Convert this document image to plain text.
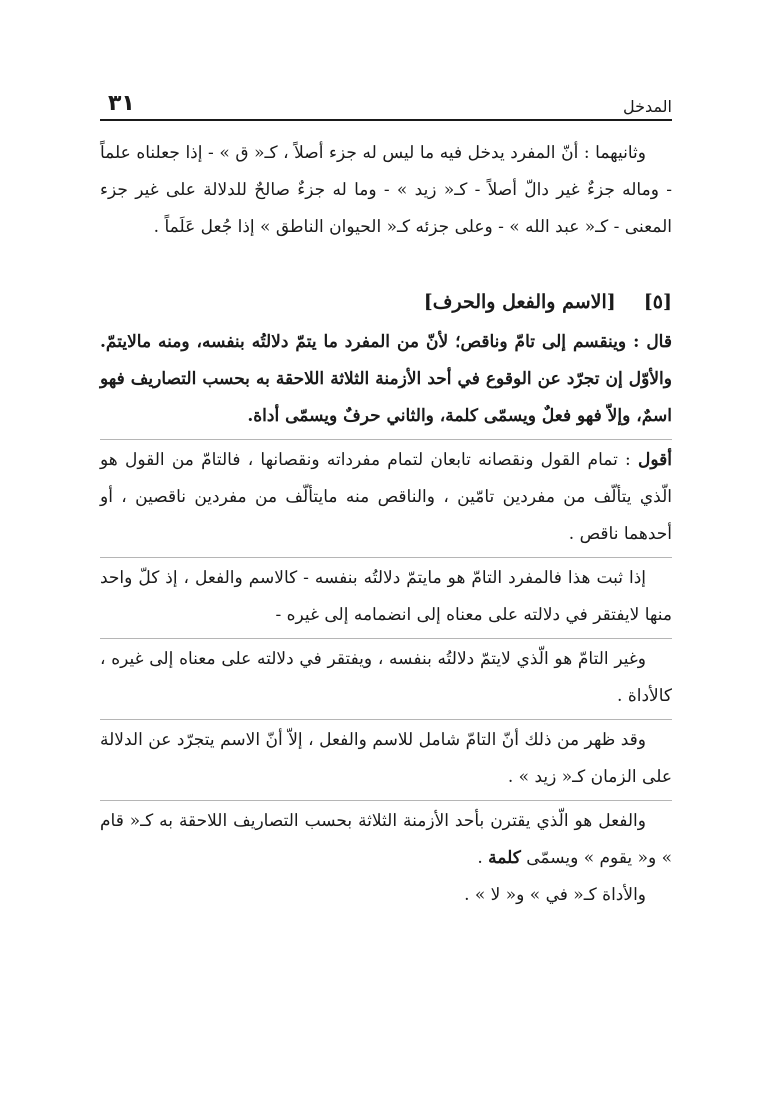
المدخل
٣١

وثانيهما : أنّ المفرد يدخل فيه ما ليس له جزء أصلاً ، كـ« ق » - إذا جعلناه علماً - وماله جزءٌ غير دالّ أصلاً - كـ« زيد » - وما له جزءٌ صالحٌ للدلالة على غير جزء المعنى - كـ« عبد الله » - وعلى جزئه كـ« الحيوان الناطق » إذا جُعل عَلَماً .

[٥][الاسم والفعل والحرف]

قال : وينقسم إلى تامّ وناقص؛ لأنّ من المفرد ما يتمّ دلالتُه بنفسه، ومنه مالايتمّ. والأوّل إن تجرّد عن الوقوع في أحد الأزمنة الثلاثة اللاحقة به بحسب التصاريف فهو اسمٌ، وإلاّ فهو فعلٌ ويسمّى كلمة، والثاني حرفٌ ويسمّى أداة.

أقول : تمام القول ونقصانه تابعان لتمام مفرداته ونقصانها ، فالتامّ من القول هو الّذي يتألّف من مفردين تامّين ، والناقص منه مايتألّف من مفردين ناقصين ، أو أحدهما ناقص .

إذا ثبت هذا فالمفرد التامّ هو مايتمّ دلالتُه بنفسه - كالاسم والفعل ، إذ كلّ واحد منها لايفتقر في دلالته على معناه إلى انضمامه إلى غيره -

وغير التامّ هو الّذي لايتمّ دلالتُه بنفسه ، ويفتقر في دلالته على معناه إلى غيره ، كالأداة .

وقد ظهر من ذلك أنّ التامّ شامل للاسم والفعل ، إلاّ أنّ الاسم يتجرّد عن الدلالة على الزمان كـ« زيد » .

والفعل هو الّذي يقترن بأحد الأزمنة الثلاثة بحسب التصاريف اللاحقة به كـ« قام » و« يقوم » ويسمّى كلمة .

والأداة كـ« في » و« لا » .
